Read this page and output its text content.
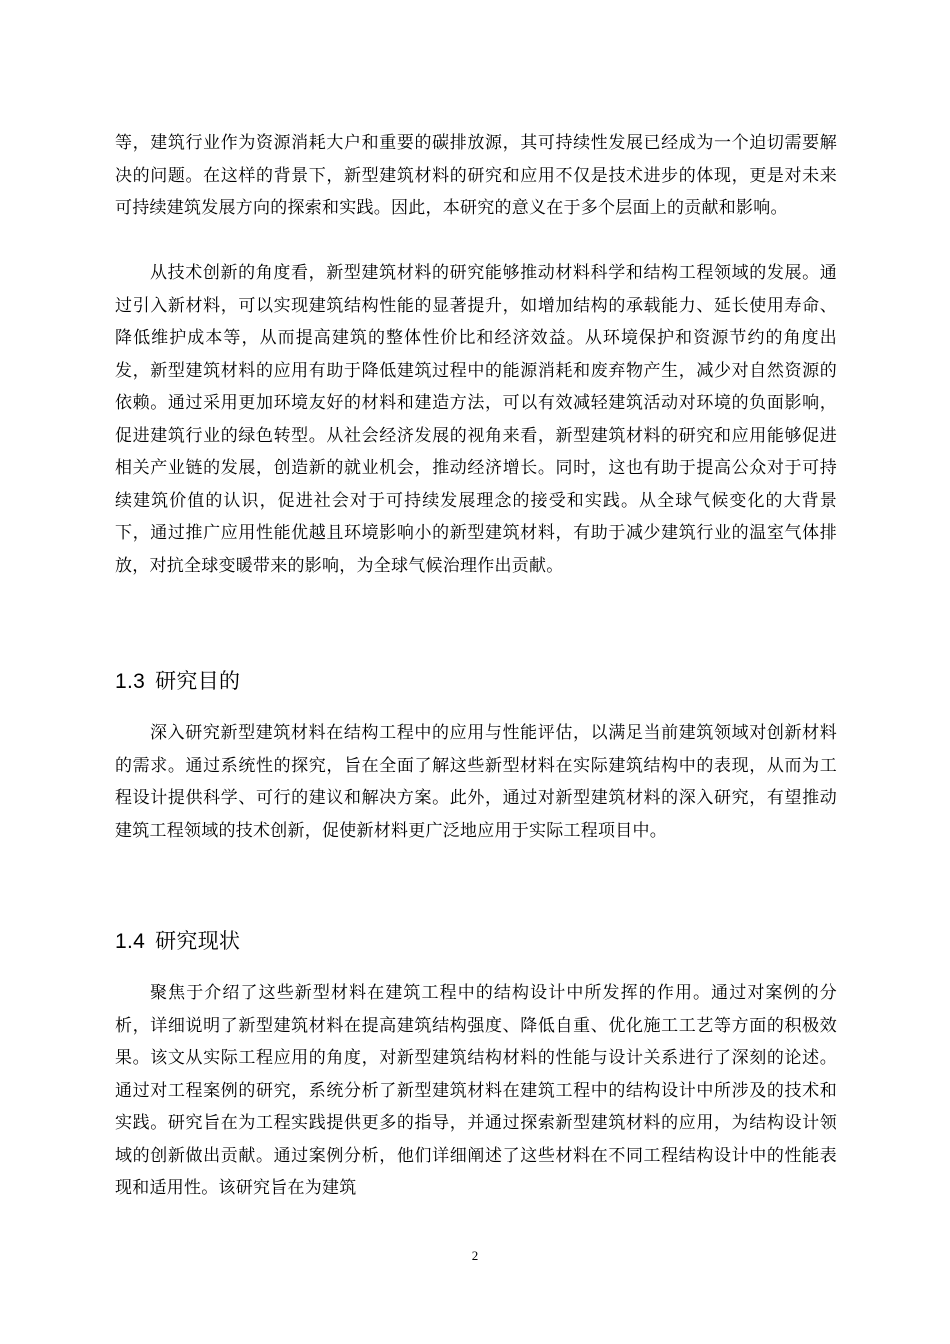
等，建筑行业作为资源消耗大户和重要的碳排放源，其可持续性发展已经成为一个迫切需要解决的问题。在这样的背景下，新型建筑材料的研究和应用不仅是技术进步的体现，更是对未来可持续建筑发展方向的探索和实践。因此，本研究的意义在于多个层面上的贡献和影响。

从技术创新的角度看，新型建筑材料的研究能够推动材料科学和结构工程领域的发展。通过引入新材料，可以实现建筑结构性能的显著提升，如增加结构的承载能力、延长使用寿命、降低维护成本等，从而提高建筑的整体性价比和经济效益。从环境保护和资源节约的角度出发，新型建筑材料的应用有助于降低建筑过程中的能源消耗和废弃物产生，减少对自然资源的依赖。通过采用更加环境友好的材料和建造方法，可以有效减轻建筑活动对环境的负面影响，促进建筑行业的绿色转型。从社会经济发展的视角来看，新型建筑材料的研究和应用能够促进相关产业链的发展，创造新的就业机会，推动经济增长。同时，这也有助于提高公众对于可持续建筑价值的认识，促进社会对于可持续发展理念的接受和实践。从全球气候变化的大背景下，通过推广应用性能优越且环境影响小的新型建筑材料，有助于减少建筑行业的温室气体排放，对抗全球变暖带来的影响，为全球气候治理作出贡献。

1.3 研究目的

深入研究新型建筑材料在结构工程中的应用与性能评估，以满足当前建筑领域对创新材料的需求。通过系统性的探究，旨在全面了解这些新型材料在实际建筑结构中的表现，从而为工程设计提供科学、可行的建议和解决方案。此外，通过对新型建筑材料的深入研究，有望推动建筑工程领域的技术创新，促使新材料更广泛地应用于实际工程项目中。

1.4 研究现状

聚焦于介绍了这些新型材料在建筑工程中的结构设计中所发挥的作用。通过对案例的分析，详细说明了新型建筑材料在提高建筑结构强度、降低自重、优化施工工艺等方面的积极效果。该文从实际工程应用的角度，对新型建筑结构材料的性能与设计关系进行了深刻的论述。通过对工程案例的研究，系统分析了新型建筑材料在建筑工程中的结构设计中所涉及的技术和实践。研究旨在为工程实践提供更多的指导，并通过探索新型建筑材料的应用，为结构设计领域的创新做出贡献。通过案例分析，他们详细阐述了这些材料在不同工程结构设计中的性能表现和适用性。该研究旨在为建筑

2
